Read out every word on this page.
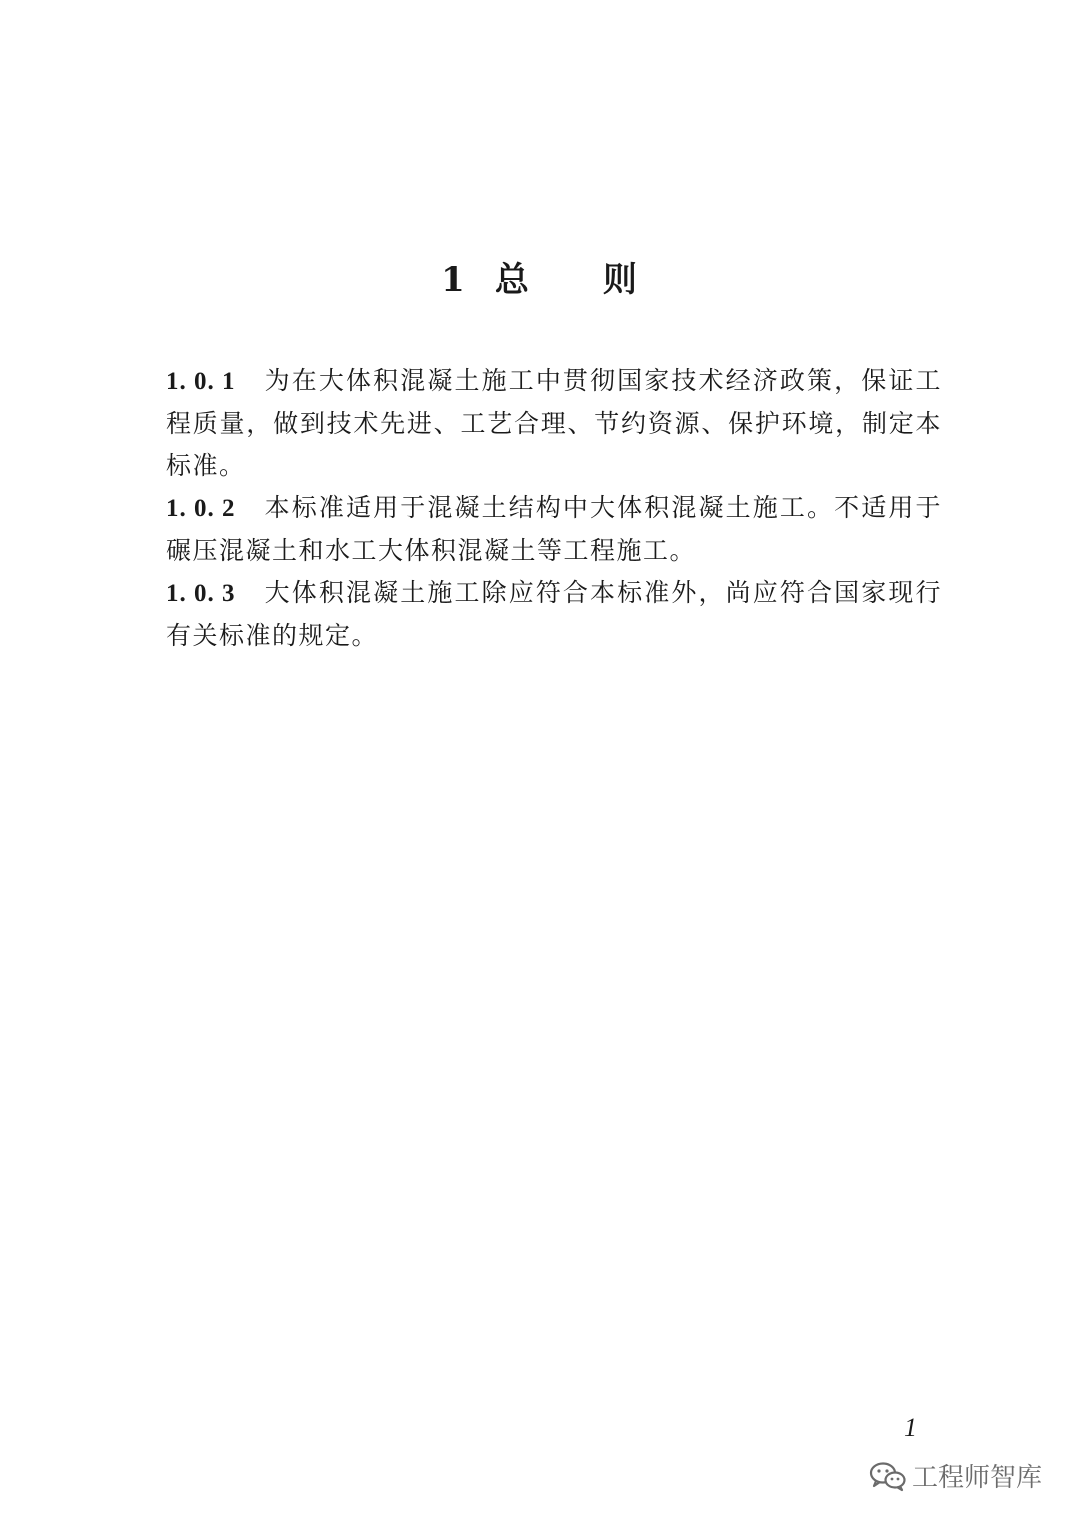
1 总 则

1. 0. 1 为在大体积混凝土施工中贯彻国家技术经济政策，保证工程质量，做到技术先进、工艺合理、节约资源、保护环境，制定本标准。

1. 0. 2 本标准适用于混凝土结构中大体积混凝土施工。不适用于碾压混凝土和水工大体积混凝土等工程施工。

1. 0. 3 大体积混凝土施工除应符合本标准外，尚应符合国家现行有关标准的规定。

1
工程师智库
